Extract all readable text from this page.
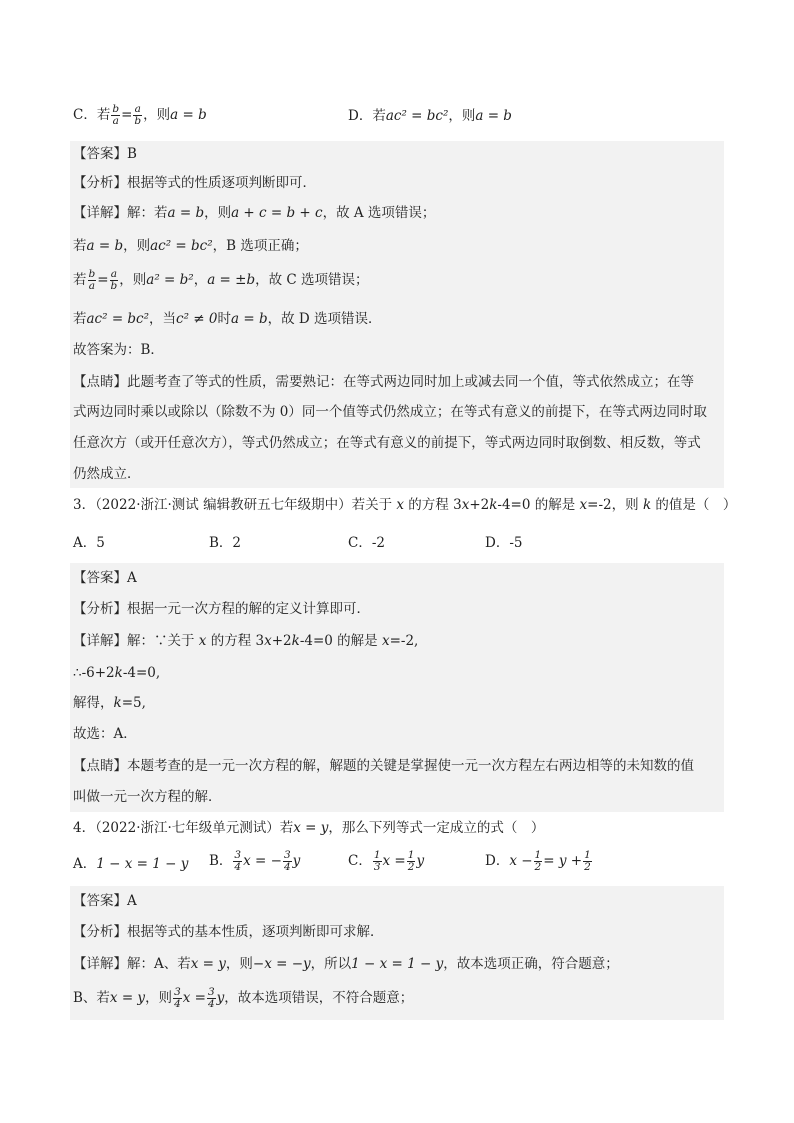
C．若 $\frac{b}{a} = \frac{a}{b}$ ，则a = b	D．若ac² = bc²，则a = b
【答案】B
【分析】根据等式的性质逐项判断即可．
【详解】解：若a = b，则a + c = b + c，故 A 选项错误；
若a = b，则ac² = bc²，B 选项正确；
若 $\frac{b}{a} = \frac{a}{b}$ ，则a² = b²，a = ±b，故 C 选项错误；
若ac² = bc²，当c² ≠ 0时a = b，故 D 选项错误．
故答案为：B．
【点睛】此题考查了等式的性质，需要熟记：在等式两边同时加上或减去同一个值，等式依然成立；在等
式两边同时乘以或除以（除数不为 0）同一个值等式仍然成立；在等式有意义的前提下，在等式两边同时取
任意次方（或开任意次方），等式仍然成立；在等式有意义的前提下，等式两边同时取倒数、相反数，等式
仍然成立．
3．（2022·浙江·测试 编辑教研五七年级期中）若关于 x 的方程 3x+2k-4=0 的解是 x=-2，则 k 的值是（　）
A．5	B．2	C．-2	D．-5
【答案】A
【分析】根据一元一次方程的解的定义计算即可．
【详解】解：∵关于 x 的方程 3x+2k-4=0 的解是 x=-2,
∴-6+2k-4=0,
解得，k=5,
故选：A．
【点睛】本题考查的是一元一次方程的解，解题的关键是掌握使一元一次方程左右两边相等的未知数的值
叫做一元一次方程的解．
4．（2022·浙江·七年级单元测试）若x = y，那么下列等式一定成立的式（　）
A．1 − x = 1 − y B． $\frac{3}{4}$ x = − $\frac{3}{4}$ y	C． $\frac{1}{3}$ $x = \frac{1}{2}$ y	D．$x - \frac{1}{2} = y + \frac{1}{2}$
【答案】A
【分析】根据等式的基本性质，逐项判断即可求解．
【详解】解：A、若x = y，则−x = −y，所以1 − x = 1 − y，故本选项正确，符合题意；
B、若x = y，则 $\frac{3}{4}$ $x = \frac{3}{4}$ y，故本选项错误，不符合题意；
